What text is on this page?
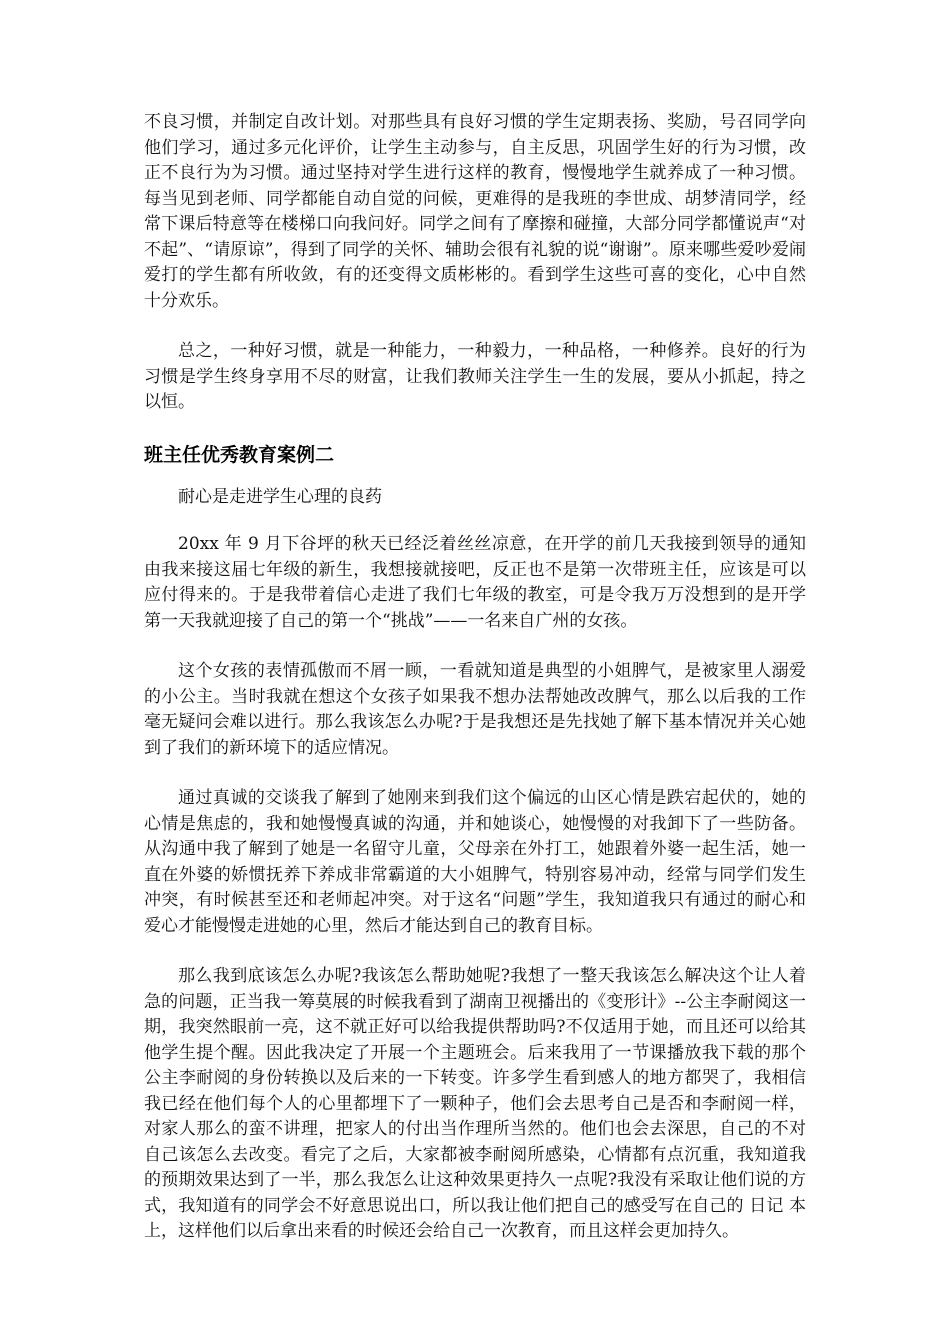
不良习惯，并制定自改计划。对那些具有良好习惯的学生定期表扬、奖励，号召同学向他们学习，通过多元化评价，让学生主动参与，自主反思，巩固学生好的行为习惯，改正不良行为为习惯。通过坚持对学生进行这样的教育，慢慢地学生就养成了一种习惯。每当见到老师、同学都能自动自觉的问候，更难得的是我班的李世成、胡梦清同学，经常下课后特意等在楼梯口向我问好。同学之间有了摩擦和碰撞，大部分同学都懂说声“对不起”、“请原谅”，得到了同学的关怀、辅助会很有礼貌的说“谢谢”。原来哪些爱吵爱闹爱打的学生都有所收敛，有的还变得文质彬彬的。看到学生这些可喜的变化，心中自然十分欢乐。

总之，一种好习惯，就是一种能力，一种毅力，一种品格，一种修养。良好的行为习惯是学生终身享用不尽的财富，让我们教师关注学生一生的发展，要从小抓起，持之以恒。

班主任优秀教育案例二

耐心是走进学生心理的良药

20xx 年 9 月下谷坪的秋天已经泛着丝丝凉意，在开学的前几天我接到领导的通知由我来接这届七年级的新生，我想接就接吧，反正也不是第一次带班主任，应该是可以应付得来的。于是我带着信心走进了我们七年级的教室，可是令我万万没想到的是开学第一天我就迎接了自己的第一个“挑战”——一名来自广州的女孩。

这个女孩的表情孤傲而不屑一顾，一看就知道是典型的小姐脾气，是被家里人溺爱的小公主。当时我就在想这个女孩子如果我不想办法帮她改改脾气，那么以后我的工作毫无疑问会难以进行。那么我该怎么办呢?于是我想还是先找她了解下基本情况并关心她到了我们的新环境下的适应情况。

通过真诚的交谈我了解到了她刚来到我们这个偏远的山区心情是跌宕起伏的，她的心情是焦虑的，我和她慢慢真诚的沟通，并和她谈心，她慢慢的对我卸下了一些防备。从沟通中我了解到了她是一名留守儿童，父母亲在外打工，她跟着外婆一起生活，她一直在外婆的娇惯抚养下养成非常霸道的大小姐脾气，特别容易冲动，经常与同学们发生冲突，有时候甚至还和老师起冲突。对于这名“问题”学生，我知道我只有通过的耐心和爱心才能慢慢走进她的心里，然后才能达到自己的教育目标。

那么我到底该怎么办呢?我该怎么帮助她呢?我想了一整天我该怎么解决这个让人着急的问题，正当我一筹莫展的时候我看到了湖南卫视播出的《变形计》--公主李耐阅这一期，我突然眼前一亮，这不就正好可以给我提供帮助吗?不仅适用于她，而且还可以给其他学生提个醒。因此我决定了开展一个主题班会。后来我用了一节课播放我下载的那个公主李耐阅的身份转换以及后来的一下转变。许多学生看到感人的地方都哭了，我相信我已经在他们每个人的心里都埋下了一颗种子，他们会去思考自己是否和李耐阅一样，对家人那么的蛮不讲理，把家人的付出当作理所当然的。他们也会去深思，自己的不对自己该怎么去改变。看完了之后，大家都被李耐阅所感染，心情都有点沉重，我知道我的预期效果达到了一半，那么我怎么让这种效果更持久一点呢?我没有采取让他们说的方式，我知道有的同学会不好意思说出口，所以我让他们把自己的感受写在自己的 日记 本上，这样他们以后拿出来看的时候还会给自己一次教育，而且这样会更加持久。
